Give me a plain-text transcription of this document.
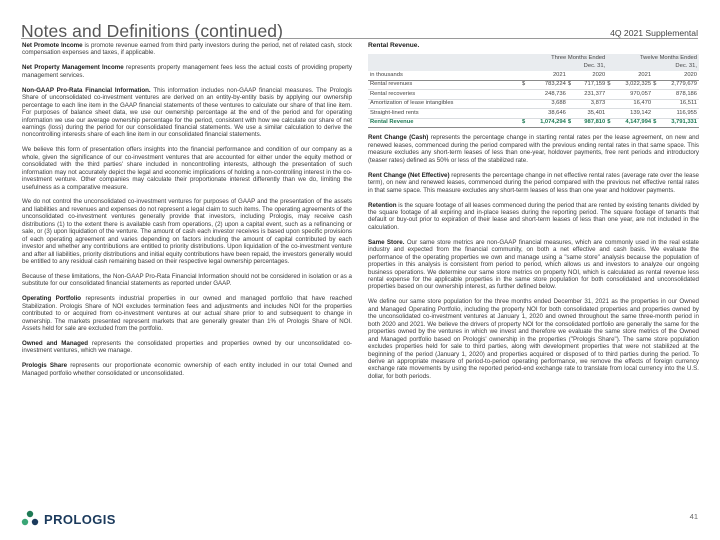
Notes and Definitions (continued)	4Q 2021 Supplemental

Net Promote Income is promote revenue earned from third party investors during the period, net of related cash, stock compensation expenses and taxes, if applicable.

Net Property Management Income represents property management fees less the actual costs of providing property management services.

Non-GAAP Pro-Rata Financial Information. This information includes non-GAAP financial measures. The Prologis Share of unconsolidated co-investment ventures are derived on an entity-by-entity basis by applying our ownership percentage to each line item in the GAAP financial statements of these ventures to calculate our share of that line item. For purposes of balance sheet data, we use our ownership percentage at the end of the period and for operating information we use our average ownership percentage for the period, consistent with how we calculate our share of net earnings (loss) during the period for our consolidated financial statements. We use a similar calculation to derive the noncontrolling interests share of each line item in our consolidated financial statements.

We believe this form of presentation offers insights into the financial performance and condition of our company as a whole, given the significance of our co-investment ventures that are accounted for either under the equity method or consolidated with the third parties' share included in noncontrolling interests, although the presentation of such information may not accurately depict the legal and economic implications of holding a non-controlling interest in the co-investment venture. Other companies may calculate their proportionate interest differently than we do, limiting the usefulness as a comparative measure.

We do not control the unconsolidated co-investment ventures for purposes of GAAP and the presentation of the assets and liabilities and revenues and expenses do not represent a legal claim to such items. The operating agreements of the unconsolidated co-investment ventures generally provide that investors, including Prologis, may receive cash distributions (1) to the extent there is available cash from operations, (2) upon a capital event, such as a refinancing or sale, or (3) upon liquidation of the venture. The amount of cash each investor receives is based upon specific provisions of each operating agreement and varies depending on factors including the amount of capital contributed by each investor and whether any contributions are entitled to priority distributions. Upon liquidation of the co-investment venture and after all liabilities, priority distributions and initial equity contributions have been repaid, the investors generally would be entitled to any residual cash remaining based on their respective legal ownership percentages.

Because of these limitations, the Non-GAAP Pro-Rata Financial Information should not be considered in isolation or as a substitute for our consolidated financial statements as reported under GAAP.

Operating Portfolio represents industrial properties in our owned and managed portfolio that have reached Stabilization. Prologis Share of NOI excludes termination fees and adjustments and includes NOI for the properties contributed to or acquired from co-investment ventures at our actual share prior to and subsequent to change in ownership. The markets presented represent markets that are generally greater than 1% of Prologis Share of NOI. Assets held for sale are excluded from the portfolio.

Owned and Managed represents the consolidated properties and properties owned by our unconsolidated co-investment ventures, which we manage.

Prologis Share represents our proportionate economic ownership of each entity included in our total Owned and Managed portfolio whether consolidated or unconsolidated.

Rental Revenue.
	Three Months Ended				Twelve Months Ended			
	Dec. 31,				Dec. 31,			
in thousands		2021		2020		2021		2020
Rental revenues	$	783,224	$	717,159	$	3,022,325	$	2,779,679
Rental recoveries		248,736		231,377		970,057		878,186
Amortization of lease intangibles		3,688		3,873		16,470		16,511
Straight-lined rents		38,646		35,401		139,142		116,955
Rental Revenue	$	1,074,294	$	987,810	$	4,147,994	$	3,791,331

Rent Change (Cash) represents the percentage change in starting rental rates per the lease agreement, on new and renewed leases, commenced during the period compared with the previous ending rental rates in that same space. This measure excludes any short-term leases of less than one-year, holdover payments, free rent periods and introductory (teaser rates) defined as 50% or less of the stabilized rate.

Rent Change (Net Effective) represents the percentage change in net effective rental rates (average rate over the lease term), on new and renewed leases, commenced during the period compared with the previous net effective rental rates in that same space. This measure excludes any short-term leases of less than one year and holdover payments.

Retention is the square footage of all leases commenced during the period that are rented by existing tenants divided by the square footage of all expiring and in-place leases during the reporting period. The square footage of tenants that default or buy-out prior to expiration of their lease and short-term leases of less than one year, are not included in the calculation.

Same Store. Our same store metrics are non-GAAP financial measures, which are commonly used in the real estate industry and expected from the financial community, on both a net effective and cash basis. We evaluate the performance of the operating properties we own and manage using a "same store" analysis because the population of properties in this analysis is consistent from period to period, which allows us and investors to analyze our ongoing business operations. We determine our same store metrics on property NOI, which is calculated as rental revenue less rental expense for the applicable properties in the same store population for both consolidated and unconsolidated properties based on our ownership interest, as further defined below.

We define our same store population for the three months ended December 31, 2021 as the properties in our Owned and Managed Operating Portfolio, including the property NOI for both consolidated properties and properties owned by the unconsolidated co-investment ventures at January 1, 2020 and owned throughout the same three-month period in both 2020 and 2021. We believe the drivers of property NOI for the consolidated portfolio are generally the same for the properties owned by the ventures in which we invest and therefore we evaluate the same store metrics of the Owned and Managed portfolio based on Prologis' ownership in the properties ("Prologis Share"). The same store population excludes properties held for sale to third parties, along with development properties that were not stabilized at the beginning of the period (January 1, 2020) and properties acquired or disposed of to third parties during the period. To derive an appropriate measure of period-to-period operating performance, we remove the effects of foreign currency exchange rate movements by using the reported period-end exchange rate to translate from local currency into the U.S. dollar, for both periods.

PROLOGIS	41
